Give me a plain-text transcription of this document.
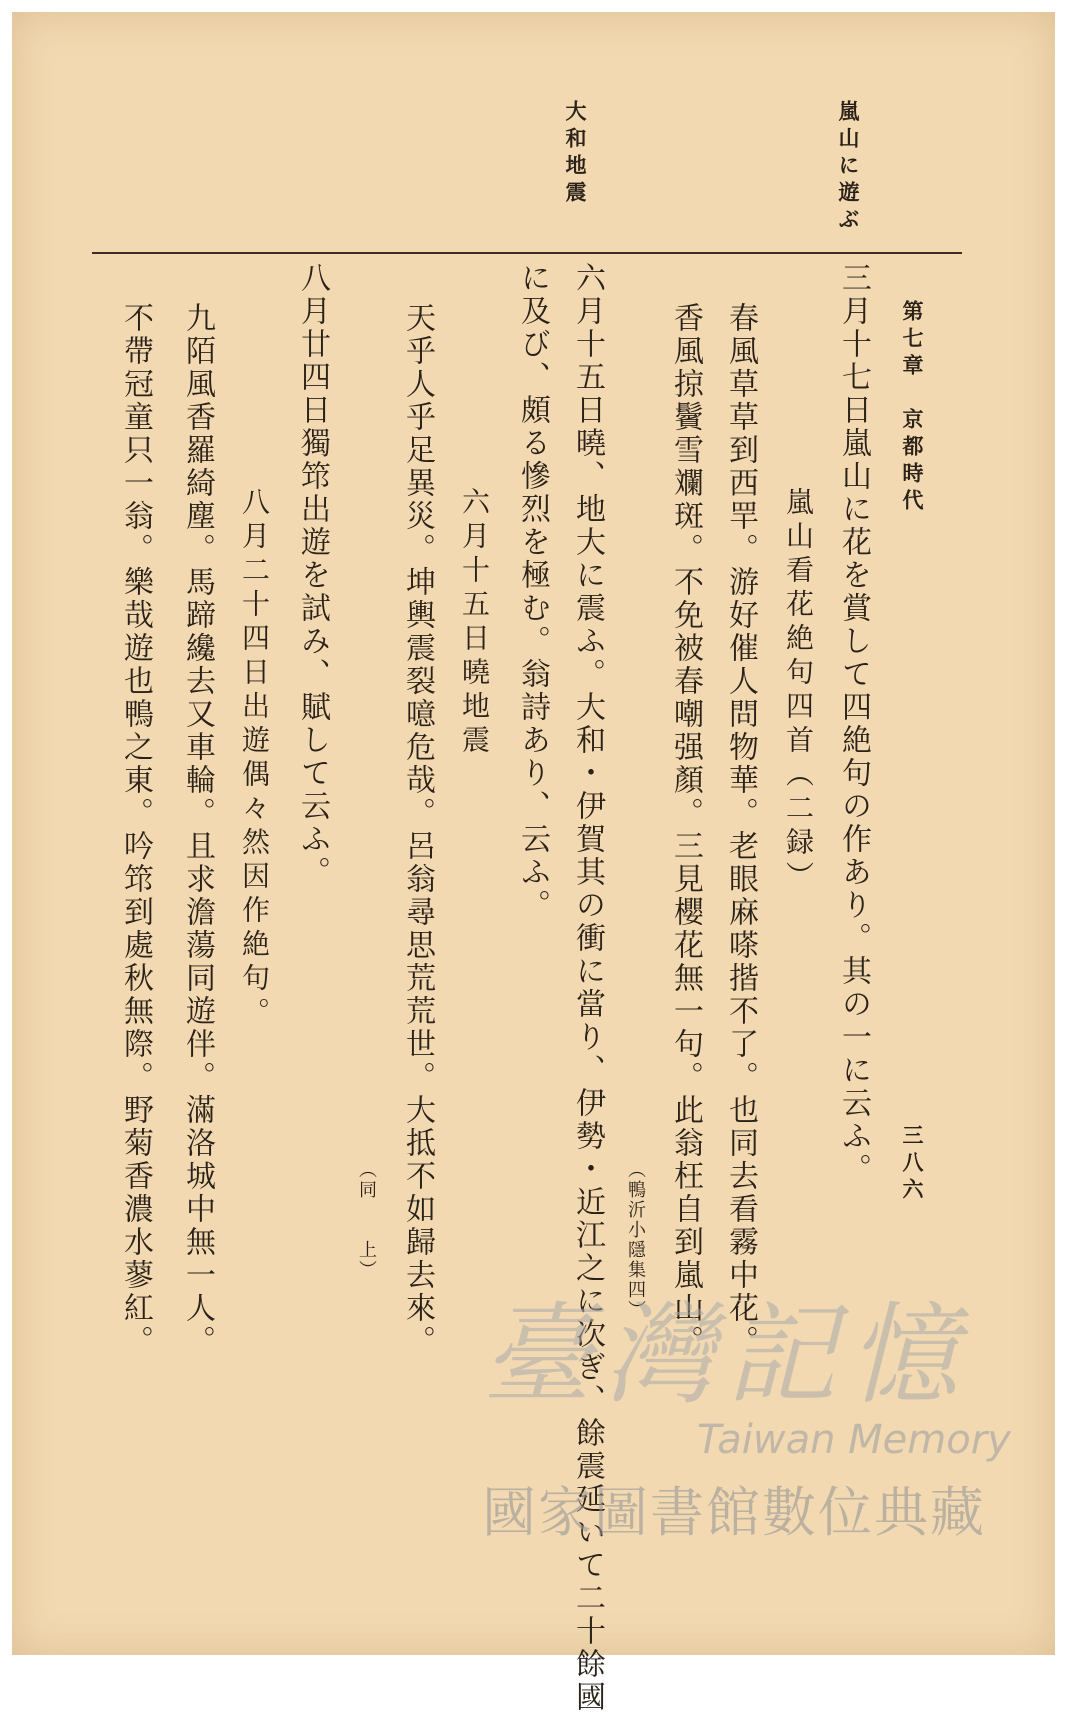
嵐山に遊ぶ
大和地震
第七章　京都時代
三八六
三月十七日嵐山に花を賞して四絶句の作あり。其の一に云ふ。
嵐山看花絶句四首（二録）
春風草草到西䍐。游好催人問物華。老眼麻嗏揩不了。也同去看霧中花。
香風掠鬢雪斕斑。不免被春嘲强顏。三見櫻花無一句。此翁枉自到嵐山。
（鴨沂小隱集四）
六月十五日曉、地大に震ふ。大和・伊賀其の衝に當り、伊勢・近江之に次ぎ、餘震延いて二十餘國
に及び、頗る慘烈を極む。翁詩あり、云ふ。
六月十五日曉地震
天乎人乎足異災。坤輿震裂噫危哉。呂翁尋思荒荒世。大抵不如歸去來。
（同　　上）
八月廿四日獨筇出遊を試み、賦して云ふ。
八月二十四日出遊偶々然因作絶句。
九陌風香羅綺塵。馬蹄纔去又車輪。且求澹蕩同遊伴。滿洛城中無一人。
不帶冠童只一翁。樂哉遊也鴨之東。吟筇到處秋無際。野菊香濃水蓼紅。	臺灣記憶
Taiwan Memory
國家圖書館數位典藏
